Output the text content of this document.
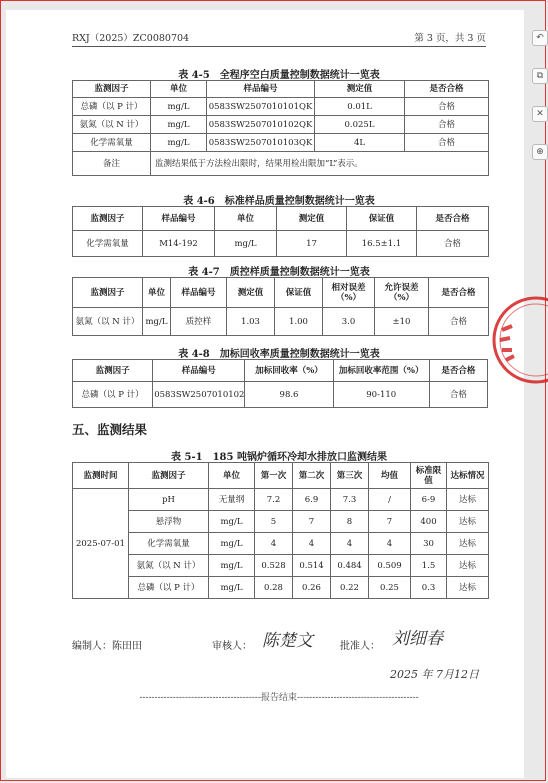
RXJ（2025）ZC0080704	第 3 页，共 3 页
表 4-5　全程序空白质量控制数据统计一览表
监测因子	单位	样品编号	测定值	是否合格
总磷（以 P 计）	mg/L	0583SW2507010101QK	0.01L	合格
氨氮（以 N 计）	mg/L	0583SW2507010102QK	0.025L	合格
化学需氧量	mg/L	0583SW2507010103QK	4L	合格
备注	监测结果低于方法检出限时，结果用检出限加“L”表示。			
表 4-6　标准样品质量控制数据统计一览表
监测因子	样品编号	单位	测定值	保证值	是否合格
化学需氧量	M14-192	mg/L	17	16.5±1.1	合格
表 4-7　质控样质量控制数据统计一览表
监测因子	单位	样品编号	测定值	保证值	相对误差（%）	允许误差（%）	是否合格
氨氮（以 N 计）	mg/L	质控样	1.03	1.00	3.0	±10	合格
表 4-8　加标回收率质量控制数据统计一览表
监测因子	样品编号	加标回收率（%）	加标回收率范围（%）	是否合格
总磷（以 P 计）	0583SW2507010102	98.6	90-110	合格
五、监测结果
表 5-1　185 吨锅炉循环冷却水排放口监测结果
监测时间	监测因子	单位	第一次	第二次	第三次	均值	标准限值	达标情况
2025-07-01	pH	无量纲	7.2	6.9	7.3	/	6-9	达标
	悬浮物	mg/L	5	7	8	7	400	达标
	化学需氧量	mg/L	4	4	4	4	30	达标
	氨氮（以 N 计）	mg/L	0.528	0.514	0.484	0.509	1.5	达标
	总磷（以 P 计）	mg/L	0.28	0.26	0.22	0.25	0.3	达标
编制人：陈田田	审核人： 陈楚文	批准人： 刘细春
2025 年 7月12日
----------------------------------------报告结束----------------------------------------
↶
⧉
✕
⊕
